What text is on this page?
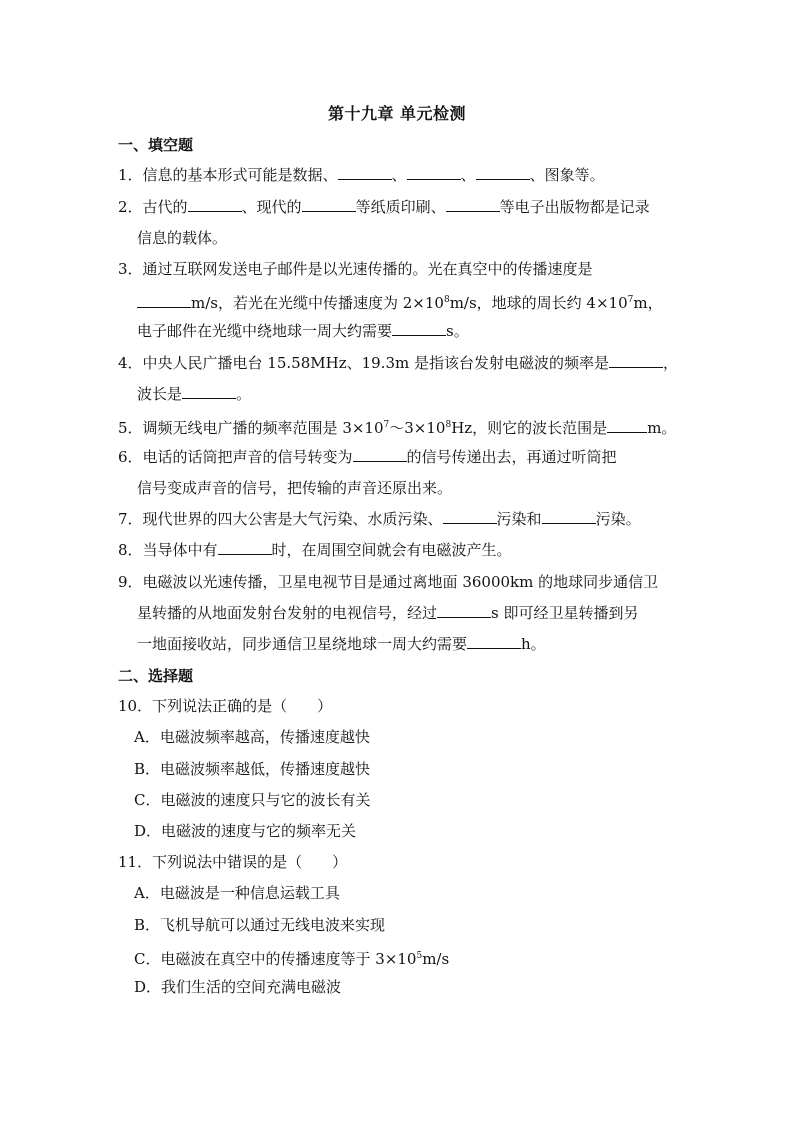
第十九章 单元检测
一、填空题
1．信息的基本形式可能是数据、	、	、	、图象等。
2．古代的	、现代的	等纸质印刷、	等电子出版物都是记录
信息的载体。
3．通过互联网发送电子邮件是以光速传播的。光在真空中的传播速度是
m/s，若光在光缆中传播速度为 $2\times 10^8m/s$，地球的周长约 $4\times 10^7m$，
电子邮件在光缆中绕地球一周大约需要	s。
4．中央人民广播电台 15.58MHz、19.3m 是指该台发射电磁波的频率是	，
波长是	。
5．调频无线电广播的频率范围是 $3\times 10^7\sim 3\times 10^8Hz$，则它的波长范围是	m。
6．电话的话筒把声音的信号转变为	的信号传递出去，再通过听筒把
信号变成声音的信号，把传输的声音还原出来。
7．现代世界的四大公害是大气污染、水质污染、	污染和	污染。
8．当导体中有	时，在周围空间就会有电磁波产生。
9．电磁波以光速传播，卫星电视节目是通过离地面 36000km 的地球同步通信卫
星转播的从地面发射台发射的电视信号，经过	s 即可经卫星转播到另
一地面接收站，同步通信卫星绕地球一周大约需要	h。
二、选择题
10．下列说法正确的是（　　）
A．电磁波频率越高，传播速度越快
B．电磁波频率越低，传播速度越快
C．电磁波的速度只与它的波长有关
D．电磁波的速度与它的频率无关
11．下列说法中错误的是（　　）
A．电磁波是一种信息运载工具
B．飞机导航可以通过无线电波来实现
C．电磁波在真空中的传播速度等于 $3\times 10^5m/s$
D．我们生活的空间充满电磁波
